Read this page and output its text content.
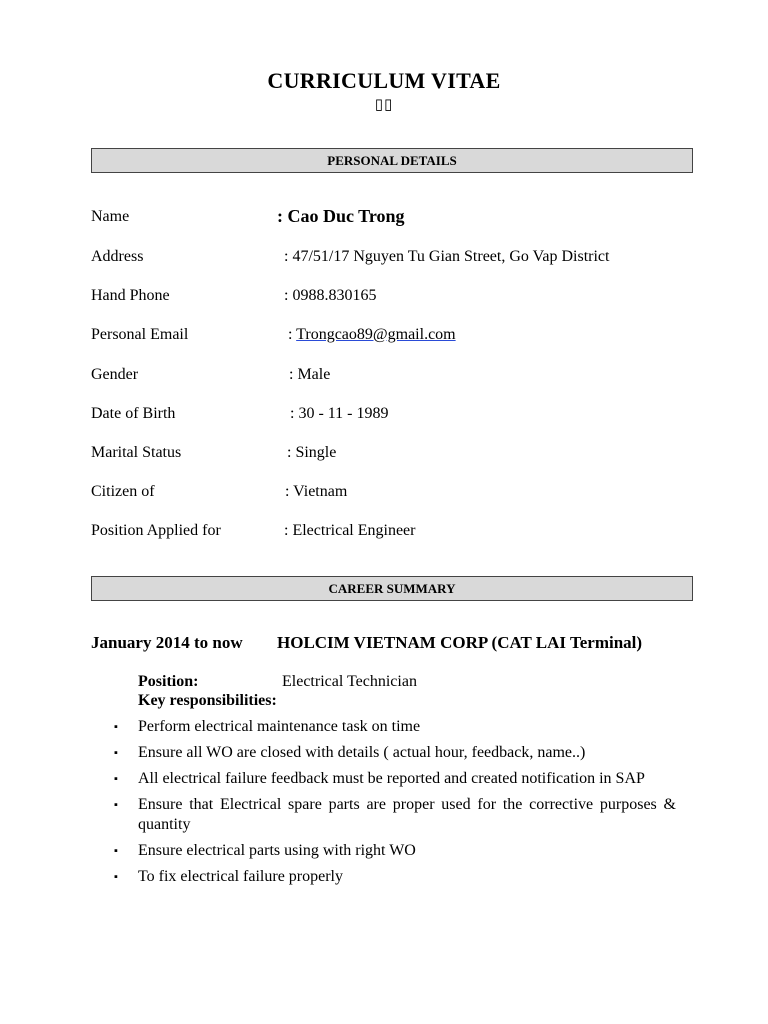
CURRICULUM VITAE
▯▯
PERSONAL DETAILS
Name	: Cao Duc Trong
Address	: 47/51/17 Nguyen Tu Gian Street, Go Vap District
Hand Phone	: 0988.830165
Personal Email	: Trongcao89@gmail.com
Gender	: Male
Date of Birth	: 30 - 11 - 1989
Marital Status	: Single
Citizen of	: Vietnam
Position Applied for	: Electrical Engineer
CAREER SUMMARY
January 2014 to now HOLCIM VIETNAM CORP (CAT LAI Terminal)
Position:	Electrical Technician
Key responsibilities:
▪ Perform electrical maintenance task on time
▪ Ensure all WO are closed with details ( actual hour, feedback, name..)
▪ All electrical failure feedback must be reported and created notification in SAP
▪ Ensure that Electrical spare parts are proper used for the corrective purposes & quantity
▪ Ensure electrical parts using with right WO
▪ To fix electrical failure properly
